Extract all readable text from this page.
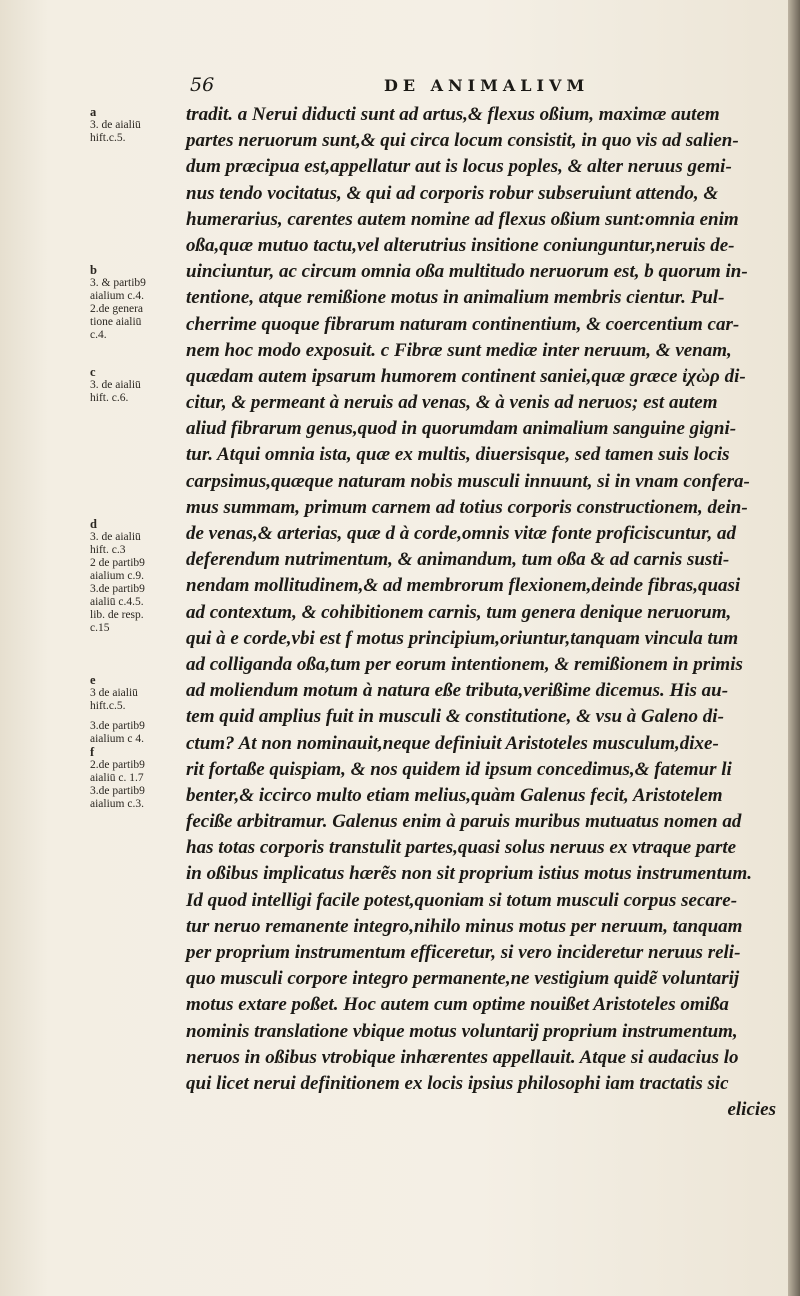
56	DE ANIMALIVM
a
3. de aialiū
hift.c.5.
b
3. & partib9
aialium c.4.
2.de genera
tione aialiū
c.4.
c
3. de aialiū
hift. c.6.
d
3. de aialiū
hift. c.3
2 de partib9
aialium c.9.
3.de partib9
aialiū c.4.5.
lib. de resp.
c.15
e
3 de aialiū
hift.c.5.
3.de partib9
aialium c 4.
f
2.de partib9
aialiū c. 1.7
3.de partib9
aialium c.3.
tradit. a Nerui diducti sunt ad artus,& flexus oßium, maximæ autem
partes neruorum sunt,& qui circa locum consistit, in quo vis ad salien-
dum præcipua est,appellatur aut is locus poples, & alter neruus gemi-
nus tendo vocitatus, & qui ad corporis robur subseruiunt attendo, &
humerarius, carentes autem nomine ad flexus oßium sunt:omnia enim
oßa,quæ mutuo tactu,vel alterutrius insitione coniunguntur,neruis de-
uinciuntur, ac circum omnia oßa multitudo neruorum est, b quorum in-
tentione, atque remißione motus in animalium membris cientur. Pul-
cherrime quoque fibrarum naturam continentium, & coercentium car-
nem hoc modo exposuit. c Fibræ sunt mediæ inter neruum, & venam,
quædam autem ipsarum humorem continent saniei,quæ græce ἰχὼρ di-
citur, & permeant à neruis ad venas, & à venis ad neruos; est autem
aliud fibrarum genus,quod in quorumdam animalium sanguine gigni-
tur. Atqui omnia ista, quæ ex multis, diuersisque, sed tamen suis locis
carpsimus,quæque naturam nobis musculi innuunt, si in vnam confera-
mus summam, primum carnem ad totius corporis constructionem, dein-
de venas,& arterias, quæ d à corde,omnis vitæ fonte proficiscuntur, ad
deferendum nutrimentum, & animandum, tum oßa & ad carnis susti-
nendam mollitudinem,& ad membrorum flexionem,deinde fibras,quasi
ad contextum, & cohibitionem carnis, tum genera denique neruorum,
qui à e corde,vbi est f motus principium,oriuntur,tanquam vincula tum
ad colliganda oßa,tum per eorum intentionem, & remißionem in primis
ad moliendum motum à natura eße tributa,verißime dicemus. His au-
tem quid amplius fuit in musculi & constitutione, & vsu à Galeno di-
ctum? At non nominauit,neque definiuit Aristoteles musculum,dixe-
rit fortaße quispiam, & nos quidem id ipsum concedimus,& fatemur li
benter,& iccirco multo etiam melius,quàm Galenus fecit, Aristotelem
feciße arbitramur. Galenus enim à paruis muribus mutuatus nomen ad
has totas corporis transtulit partes,quasi solus neruus ex vtraque parte
in oßibus implicatus hærẽs non sit proprium istius motus instrumentum.
Id quod intelligi facile potest,quoniam si totum musculi corpus secare-
tur neruo remanente integro,nihilo minus motus per neruum, tanquam
per proprium instrumentum efficeretur, si vero incideretur neruus reli-
quo musculi corpore integro permanente,ne vestigium quidẽ voluntarij
motus extare poßet. Hoc autem cum optime nouißet Aristoteles omißa
nominis translatione vbique motus voluntarij proprium instrumentum,
neruos in oßibus vtrobique inhærentes appellauit. Atque si audacius lo
qui licet nerui definitionem ex locis ipsius philosophi iam tractatis sic
elicies
